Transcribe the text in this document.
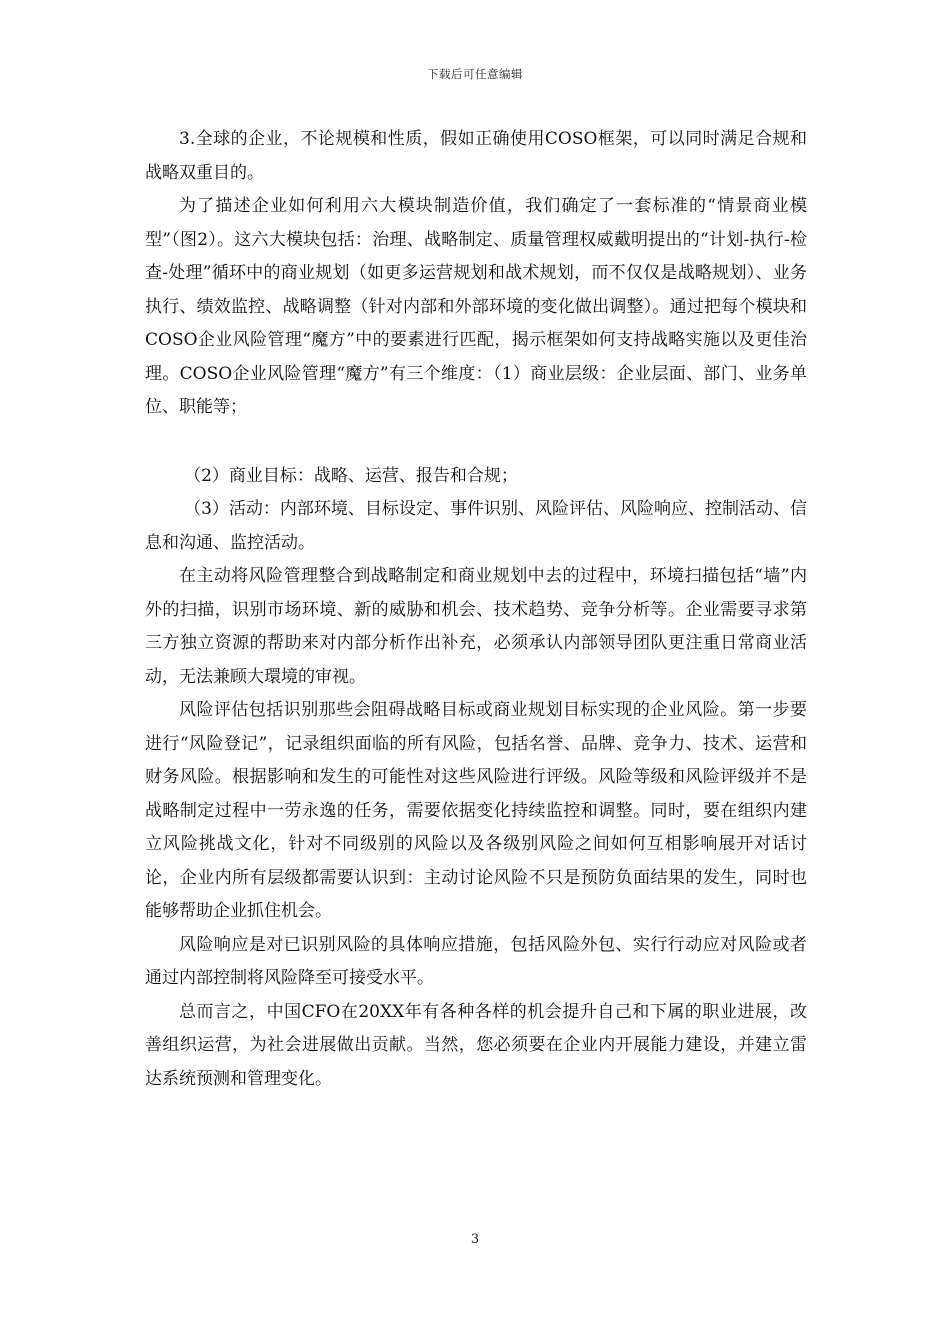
下载后可任意编辑

3.全球的企业，不论规模和性质，假如正确使用COSO框架，可以同时满足合规和战略双重目的。

为了描述企业如何利用六大模块制造价值，我们确定了一套标准的“情景商业模型”（图2）。这六大模块包括：治理、战略制定、质量管理权威戴明提出的“计划-执行-检查-处理”循环中的商业规划（如更多运营规划和战术规划，而不仅仅是战略规划）、业务执行、绩效监控、战略调整（针对内部和外部环境的变化做出调整）。通过把每个模块和COSO企业风险管理“魔方”中的要素进行匹配，揭示框架如何支持战略实施以及更佳治理。COSO企业风险管理“魔方”有三个维度：（1）商业层级：企业层面、部门、业务单位、职能等；

（2）商业目标：战略、运营、报告和合规；

（3）活动：内部环境、目标设定、事件识别、风险评估、风险响应、控制活动、信息和沟通、监控活动。

在主动将风险管理整合到战略制定和商业规划中去的过程中，环境扫描包括“墙”内外的扫描，识别市场环境、新的威胁和机会、技术趋势、竞争分析等。企业需要寻求第三方独立资源的帮助来对内部分析作出补充，必须承认内部领导团队更注重日常商业活动，无法兼顾大環境的审视。

风险评估包括识别那些会阻碍战略目标或商业规划目标实现的企业风险。第一步要进行“风险登记”，记录组织面临的所有风险，包括名誉、品牌、竞争力、技术、运营和财务风险。根据影响和发生的可能性对这些风险进行评级。风险等级和风险评级并不是战略制定过程中一劳永逸的任务，需要依据变化持续监控和调整。同时，要在组织内建立风险挑战文化，针对不同级别的风险以及各级别风险之间如何互相影响展开对话讨论，企业内所有层级都需要认识到：主动讨论风险不只是预防负面结果的发生，同时也能够帮助企业抓住机会。

风险响应是对已识别风险的具体响应措施，包括风险外包、实行行动应对风险或者通过内部控制将风险降至可接受水平。

总而言之，中国CFO在20XX年有各种各样的机会提升自己和下属的职业进展，改善组织运营，为社会进展做出贡献。当然，您必须要在企业内开展能力建设，并建立雷达系统预测和管理变化。

3
